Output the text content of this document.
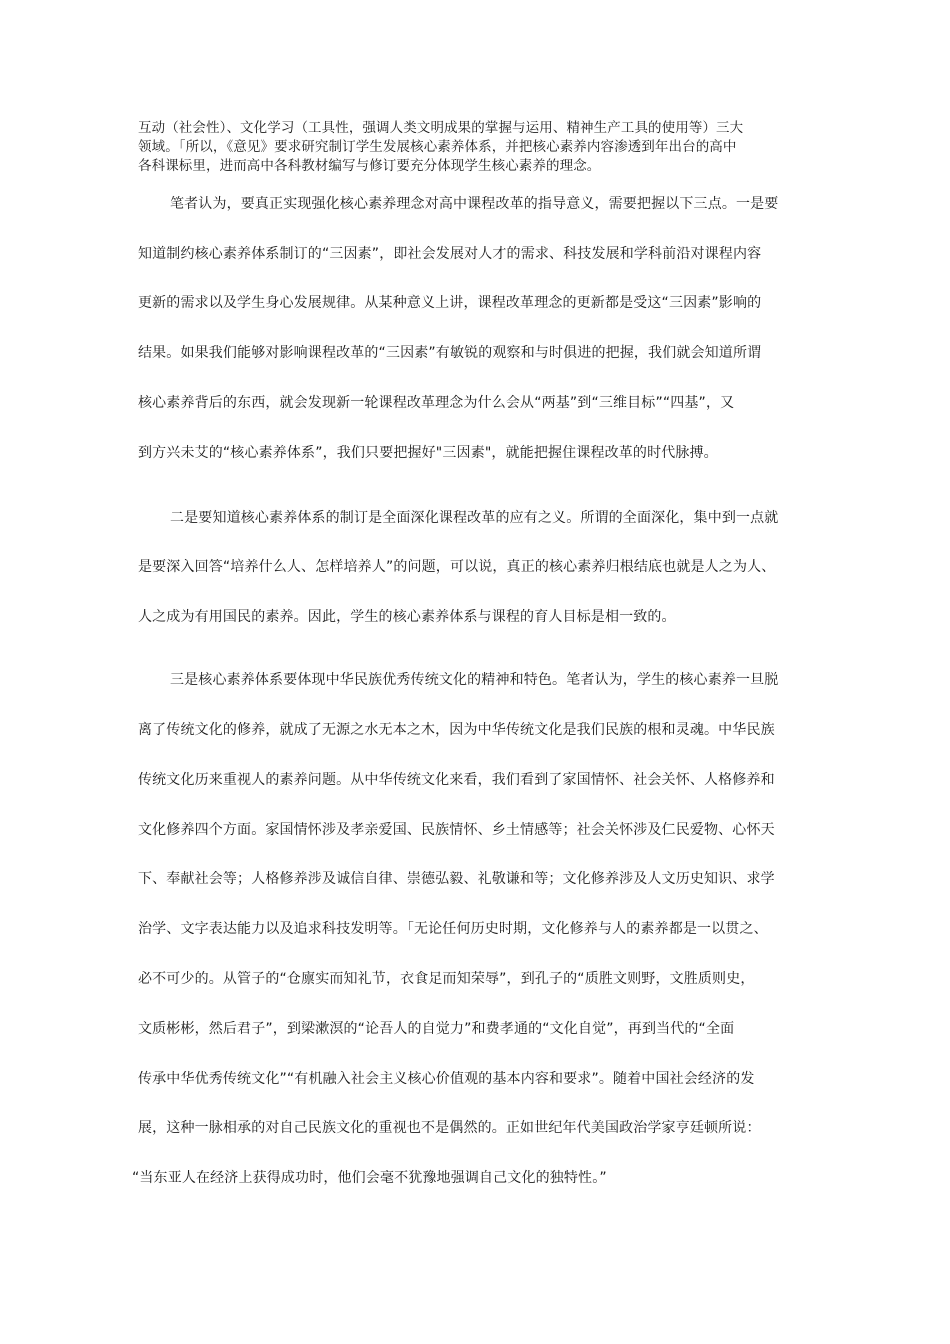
互动（社会性）、文化学习（工具性，强调人类文明成果的掌握与运用、精神生产工具的使用等）三大
领域。「所以，《意见》要求研究制订学生发展核心素养体系，并把核心素养内容渗透到年出台的高中
各科课标里，进而高中各科教材编写与修订要充分体现学生核心素养的理念。
笔者认为，要真正实现强化核心素养理念对高中课程改革的指导意义，需要把握以下三点。一是要
知道制约核心素养体系制订的“三因素”，即社会发展对人才的需求、科技发展和学科前沿对课程内容
更新的需求以及学生身心发展规律。从某种意义上讲，课程改革理念的更新都是受这“三因素”影响的
结果。如果我们能够对影响课程改革的“三因素”有敏锐的观察和与时俱进的把握，我们就会知道所谓
核心素养背后的东西，就会发现新一轮课程改革理念为什么会从“两基”到“三维目标”“四基”，又
到方兴未艾的“核心素养体系”，我们只要把握好"三因素"，就能把握住课程改革的时代脉搏。
二是要知道核心素养体系的制订是全面深化课程改革的应有之义。所谓的全面深化，集中到一点就
是要深入回答“培养什么人、怎样培养人”的问题，可以说，真正的核心素养归根结底也就是人之为人、
人之成为有用国民的素养。因此，学生的核心素养体系与课程的育人目标是相一致的。
三是核心素养体系要体现中华民族优秀传统文化的精神和特色。笔者认为，学生的核心素养一旦脱
离了传统文化的修养，就成了无源之水无本之木，因为中华传统文化是我们民族的根和灵魂。中华民族
传统文化历来重视人的素养问题。从中华传统文化来看，我们看到了家国情怀、社会关怀、人格修养和
文化修养四个方面。家国情怀涉及孝亲爱国、民族情怀、乡土情感等；社会关怀涉及仁民爱物、心怀天
下、奉献社会等；人格修养涉及诚信自律、崇德弘毅、礼敬谦和等；文化修养涉及人文历史知识、求学
治学、文字表达能力以及追求科技发明等。「无论任何历史时期，文化修养与人的素养都是一以贯之、
必不可少的。从管子的“仓廪实而知礼节，衣食足而知荣辱”，到孔子的“质胜文则野，文胜质则史，
文质彬彬，然后君子”，到梁漱溟的“论吾人的自觉力”和费孝通的“文化自觉”，再到当代的“全面
传承中华优秀传统文化”“有机融入社会主义核心价值观的基本内容和要求”。随着中国社会经济的发
展，这种一脉相承的对自己民族文化的重视也不是偶然的。正如世纪年代美国政治学家亨廷顿所说：
“当东亚人在经济上获得成功时，他们会毫不犹豫地强调自己文化的独特性。”
